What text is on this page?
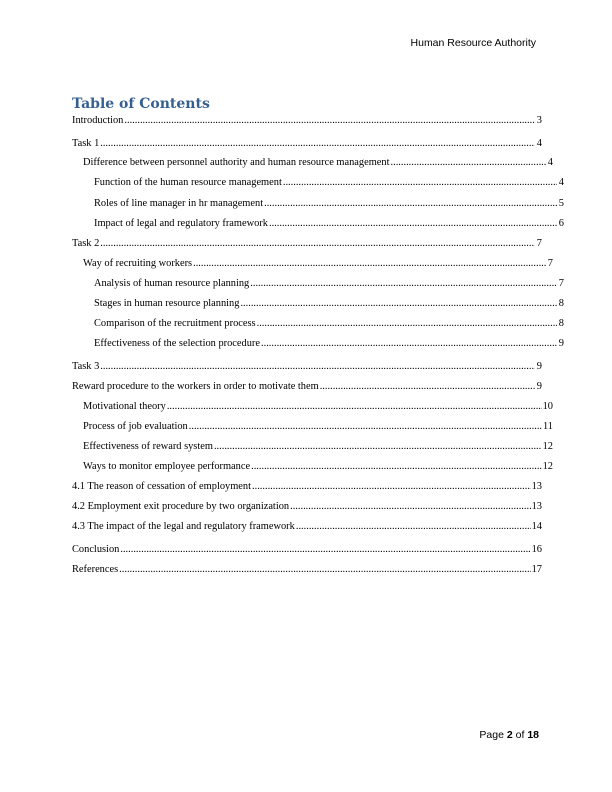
Human Resource Authority
Table of Contents
Introduction .....	3
Task 1 .....	4
Difference between personnel authority and human resource management .....	4
Function of the human resource management .....	4
Roles of line manager in hr management .....	5
Impact of legal and regulatory framework .....	6
Task 2 .....	7
Way of recruiting workers .....	7
Analysis of human resource planning .....	7
Stages in human resource planning .....	8
Comparison of the recruitment process .....	8
Effectiveness of the selection procedure .....	9
Task 3 .....	9
Reward procedure to the workers in order to motivate them .....	9
Motivational theory .....	10
Process of job evaluation .....	11
Effectiveness of reward system .....	12
Ways to monitor employee performance .....	12
4.1 The reason of cessation of employment .....	13
4.2 Employment exit procedure by two organization .....	13
4.3 The impact of the legal and regulatory framework .....	14
Conclusion .....	16
References .....	17
Page 2 of 18
